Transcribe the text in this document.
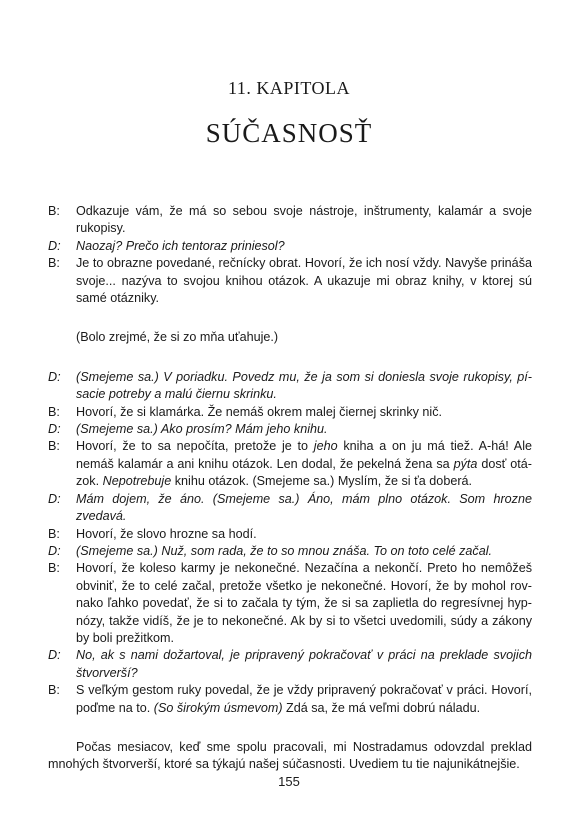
11. KAPITOLA
SÚČASNOSŤ
B:	Odkazuje vám, že má so sebou svoje nástroje, inštrumenty, kalamár a svoje rukopisy.
D:	Naozaj? Prečo ich tentoraz priniesol?
B:	Je to obrazne povedané, rečnícky obrat. Hovorí, že ich nosí vždy. Navyše prináša svoje... nazýva to svojou knihou otázok. A ukazuje mi obraz knihy, v ktorej sú samé otázniky.

(Bolo zrejmé, že si zo mňa uťahuje.)

D:	(Smejeme sa.) V poriadku. Povedz mu, že ja som si doniesla svoje rukopisy, písacie potreby a malú čiernu skrinku.
B:	Hovorí, že si klamárka. Že nemáš okrem malej čiernej skrinky nič.
D:	(Smejeme sa.) Ako prosím? Mám jeho knihu.
B:	Hovorí, že to sa nepočíta, pretože je to jeho kniha a on ju má tiež. A-há! Ale nemáš kalamár a ani knihu otázok. Len dodal, že pekelná žena sa pýta dosť otázok. Nepotrebuje knihu otázok. (Smejeme sa.) Myslím, že si ťa doberá.
D:	Mám dojem, že áno. (Smejeme sa.) Áno, mám plno otázok. Som hrozne zvedavá.
B:	Hovorí, že slovo hrozne sa hodí.
D:	(Smejeme sa.) Nuž, som rada, že to so mnou znáša. To on toto celé začal.
B:	Hovorí, že koleso karmy je nekonečné. Nezačína a nekončí. Preto ho nemôžeš obviniť, že to celé začal, pretože všetko je nekonečné. Hovorí, že by mohol rovnako ľahko povedať, že si to začala ty tým, že si sa zaplietla do regresívnej hypnózy, takže vidíš, že je to nekonečné. Ak by si to všetci uvedomili, súdy a zákony by boli prežitkom.
D:	No, ak s nami dožartoval, je pripravený pokračovať v práci na preklade svojich štvorverší?
B:	S veľkým gestom ruky povedal, že je vždy pripravený pokračovať v práci. Hovorí, poďme na to. (So širokým úsmevom) Zdá sa, že má veľmi dobrú náladu.

Počas mesiacov, keď sme spolu pracovali, mi Nostradamus odovzdal preklad mnohých štvorverší, ktoré sa týkajú našej súčasnosti. Uvediem tu tie najunikátnejšie.

155
